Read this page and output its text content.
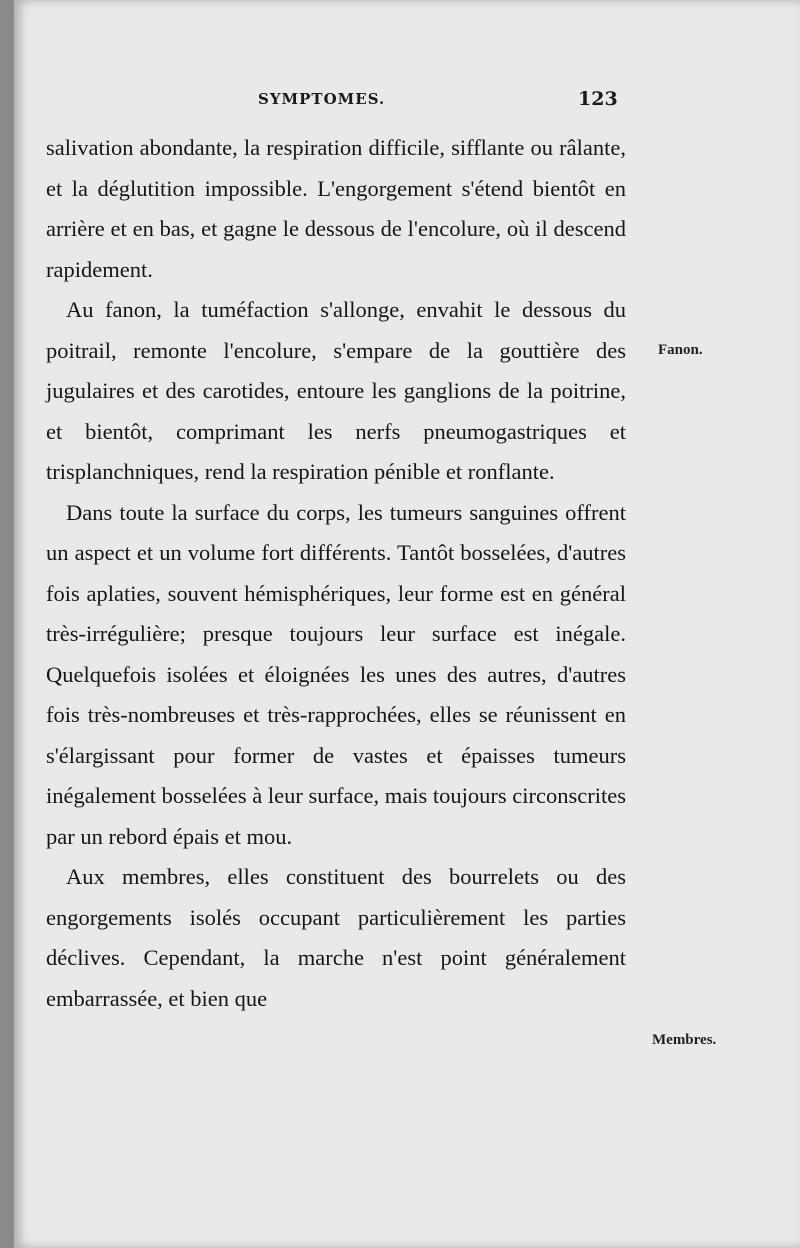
SYMPTOMES.	123

salivation abondante, la respiration difficile, sifflante ou râlante, et la déglutition impossible. L'engorgement s'étend bientôt en arrière et en bas, et gagne le dessous de l'encolure, où il descend rapidement.

Au fanon, la tuméfaction s'allonge, envahit le dessous du poitrail, remonte l'encolure, s'empare de la gouttière des jugulaires et des carotides, entoure les ganglions de la poitrine, et bientôt, comprimant les nerfs pneumogastriques et trisplanchniques, rend la respiration pénible et ronflante.

Dans toute la surface du corps, les tumeurs sanguines offrent un aspect et un volume fort différents. Tantôt bosselées, d'autres fois aplaties, souvent hémisphériques, leur forme est en général très-irrégulière; presque toujours leur surface est inégale. Quelquefois isolées et éloignées les unes des autres, d'autres fois très-nombreuses et très-rapprochées, elles se réunissent en s'élargissant pour former de vastes et épaisses tumeurs inégalement bosselées à leur surface, mais toujours circonscrites par un rebord épais et mou.

Aux membres, elles constituent des bourrelets ou des engorgements isolés occupant particulièrement les parties déclives. Cependant, la marche n'est point généralement embarrassée, et bien que

Fanon.
Membres.
